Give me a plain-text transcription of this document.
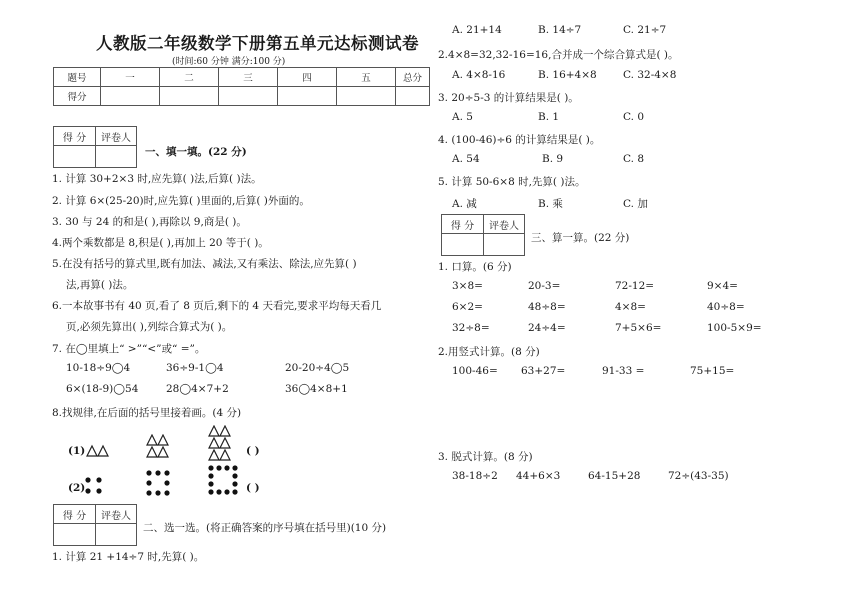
人教版二年级数学下册第五单元达标测试卷
(时间:60 分钟 满分:100 分)
题号	一	二	三	四	五	总分
得分						
得 分	评卷人

一、填一填。(22 分)
1. 计算 30+2×3 时,应先算( )法,后算( )法。
2. 计算 6×(25-20)时,应先算( )里面的,后算( )外面的。
3. 30 与 24 的和是( ),再除以 9,商是( )。
4.两个乘数都是 8,积是( ),再加上 20 等于( )。
5.在没有括号的算式里,既有加法、减法,又有乘法、除法,应先算( )
法,再算( )法。
6.一本故事书有 40 页,看了 8 页后,剩下的 4 天看完,要求平均每天看几
页,必须先算出( ),列综合算式为( )。
7. 在◯里填上“ >”“<”或“ =”。
10-18÷9◯4	36÷9-1◯4	20-20÷4◯5
6×(18-9)◯54	28◯4×7+2	36◯4×8+1
8.找规律,在后面的括号里接着画。(4 分)
(1)	( )
(2)	( )
得 分	评卷人

二、选一选。(将正确答案的序号填在括号里)(10 分)
1. 计算 21 +14÷7 时,先算( )。
A. 21+14	B. 14÷7	C. 21÷7
2.4×8=32,32-16=16,合并成一个综合算式是( )。
A. 4×8-16	B. 16+4×8	C. 32-4×8
3. 20÷5-3 的计算结果是( )。
A. 5	B. 1	C. 0
4. (100-46)÷6 的计算结果是( )。
A. 54	B. 9	C. 8
5. 计算 50-6×8 时,先算( )法。
A. 减	B. 乘	C. 加
得 分	评卷人

三、算一算。(22 分)
1. 口算。(6 分)
3×8=	20-3=	72-12=	9×4=
6×2=	48÷8=	4×8=	40÷8=
32÷8=	24÷4=	7+5×6=	100-5×9=
2.用竖式计算。(8 分)
100-46= 63+27=	91-33 =	75+15=
3. 脱式计算。(8 分)
38-18÷2 44+6×3	64-15+28	72÷(43-35)
